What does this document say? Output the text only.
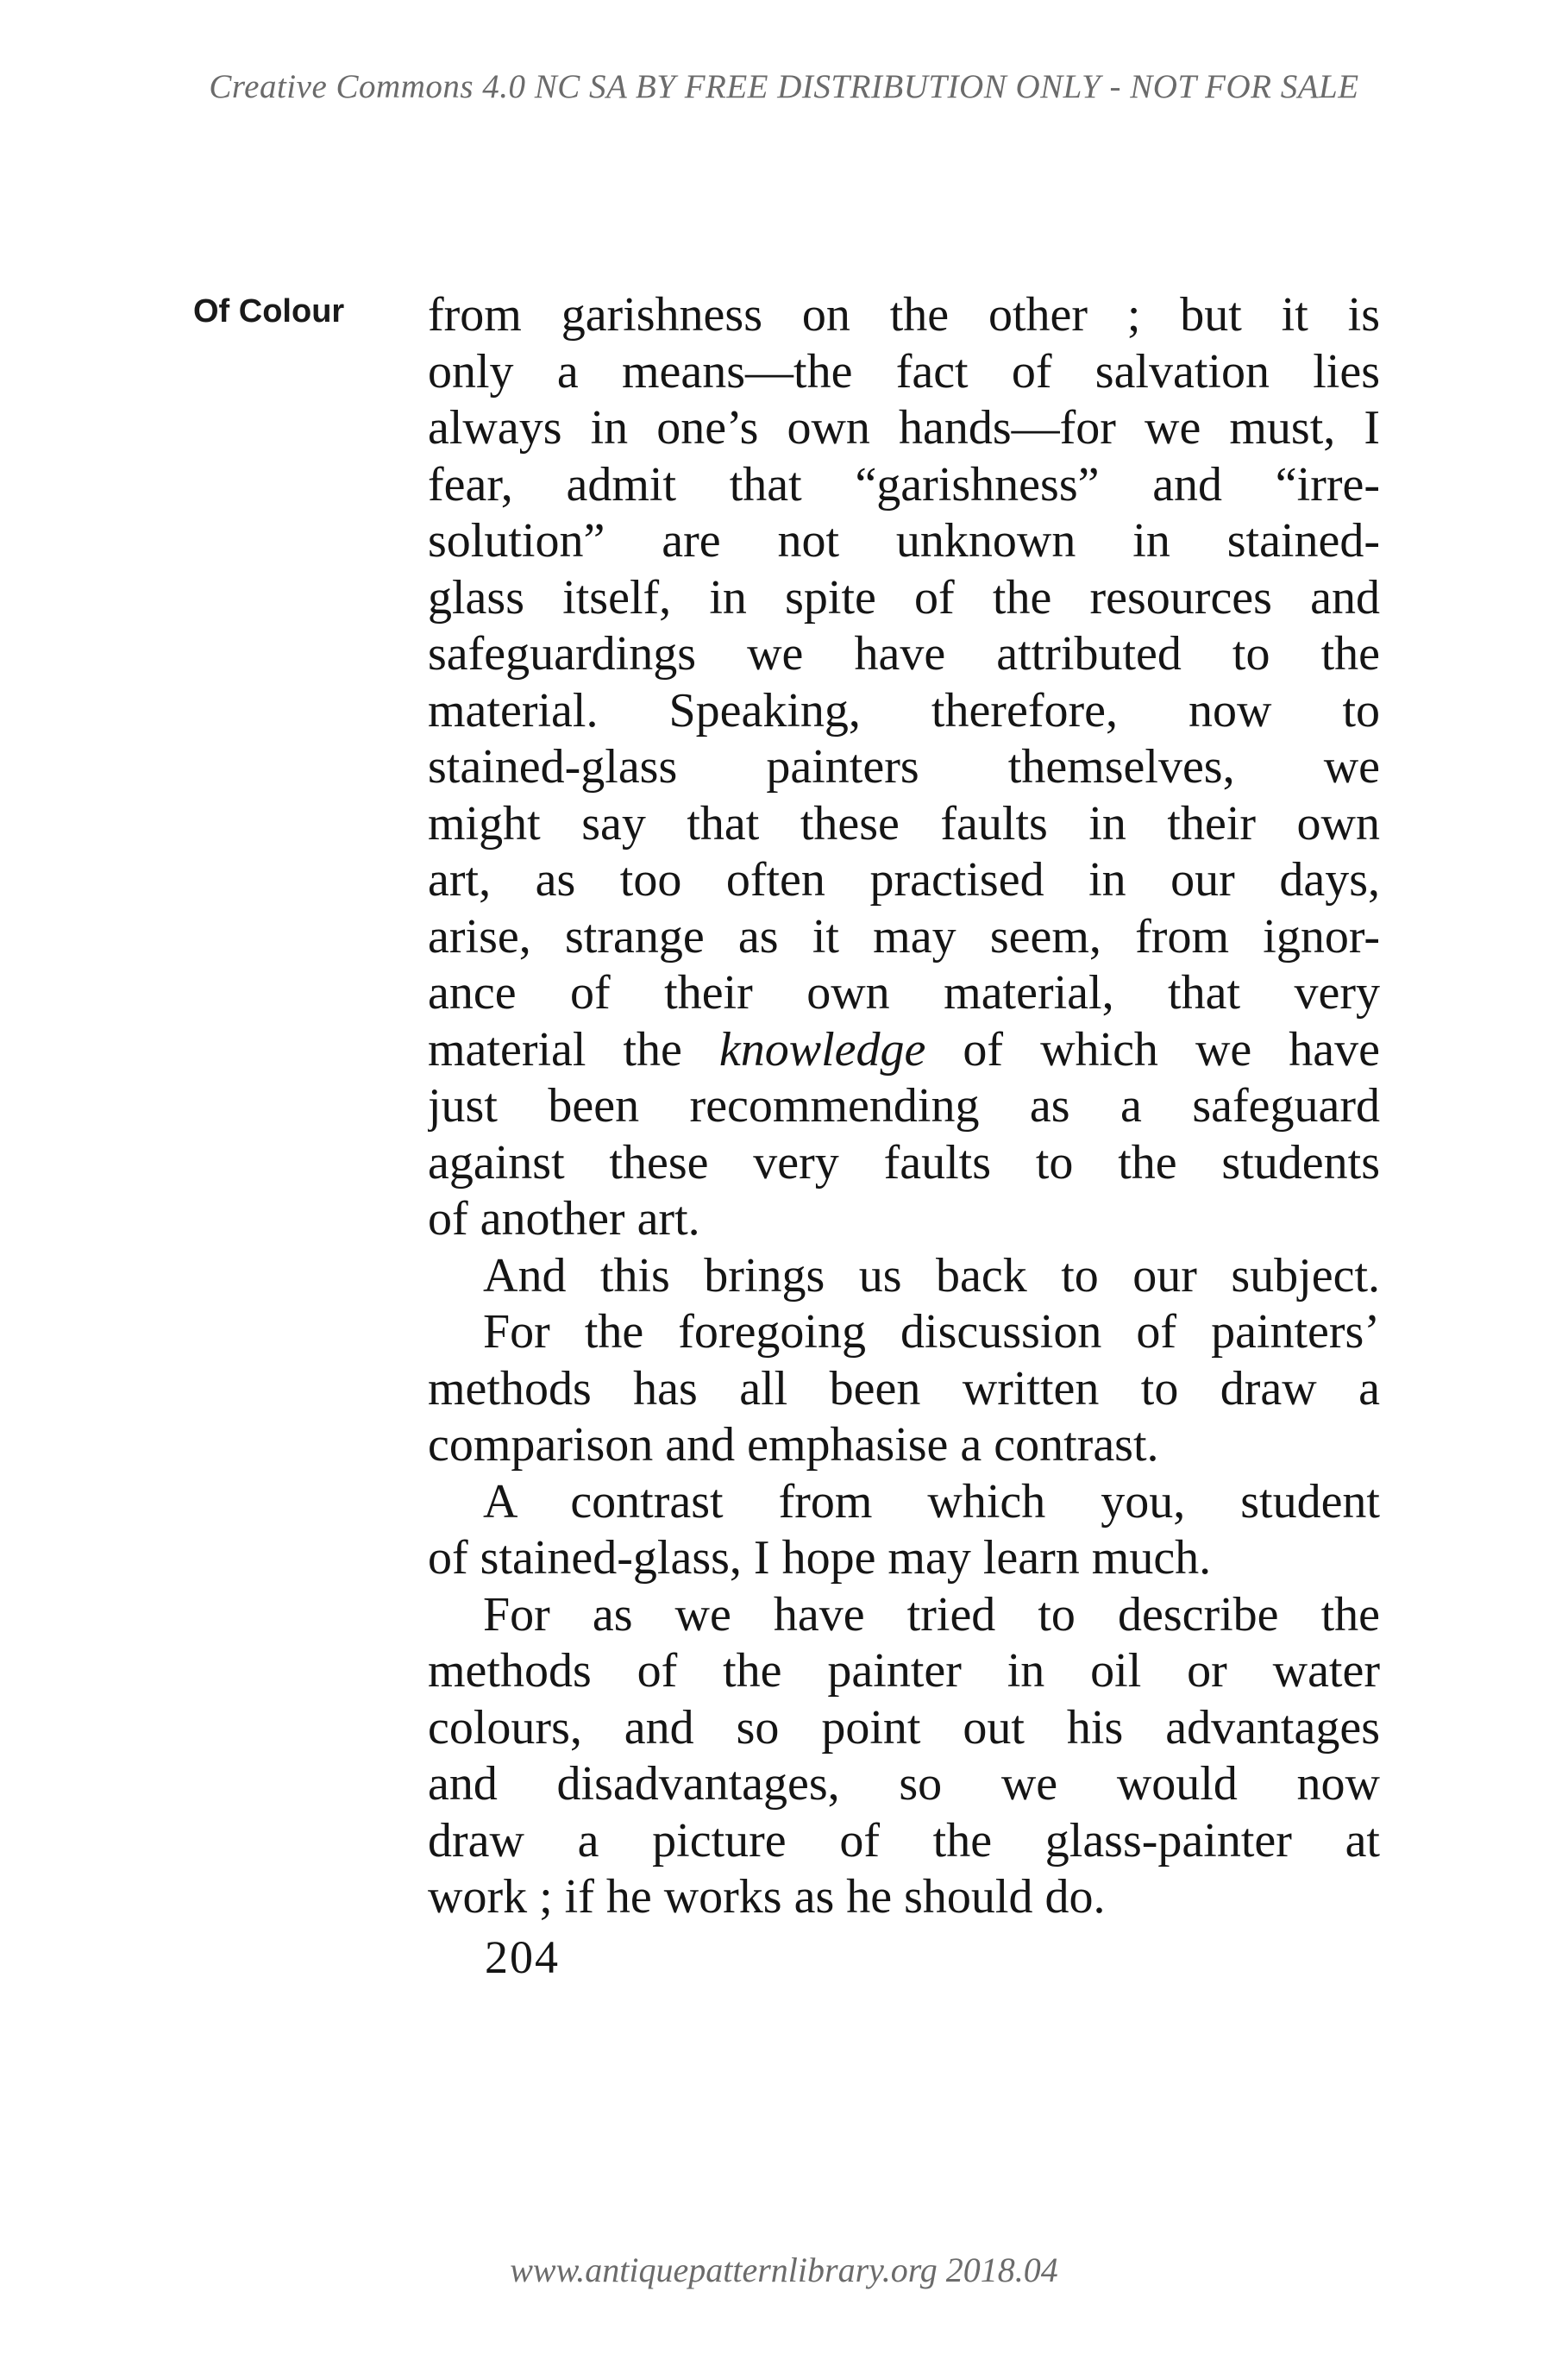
Creative Commons 4.0 NC SA BY FREE DISTRIBUTION ONLY - NOT FOR SALE
Of Colour from garishness on the other ; but it is
only a means—the fact of salvation lies
always in one’s own hands—for we must, I
fear, admit that “garishness” and “irre-
solution” are not unknown in stained-
glass itself, in spite of the resources and
safeguardings we have attributed to the
material. Speaking, therefore, now to
stained-glass painters themselves, we
might say that these faults in their own
art, as too often practised in our days,
arise, strange as it may seem, from ignor-
ance of their own material, that very
material the knowledge of which we have
just been recommending as a safeguard
against these very faults to the students
of another art.
And this brings us back to our subject.
For the foregoing discussion of painters’
methods has all been written to draw a
comparison and emphasise a contrast.
A contrast from which you, student
of stained-glass, I hope may learn much.
For as we have tried to describe the
methods of the painter in oil or water
colours, and so point out his advantages
and disadvantages, so we would now
draw a picture of the glass-painter at
work ; if he works as he should do.
204
www.antiquepatternlibrary.org 2018.04
